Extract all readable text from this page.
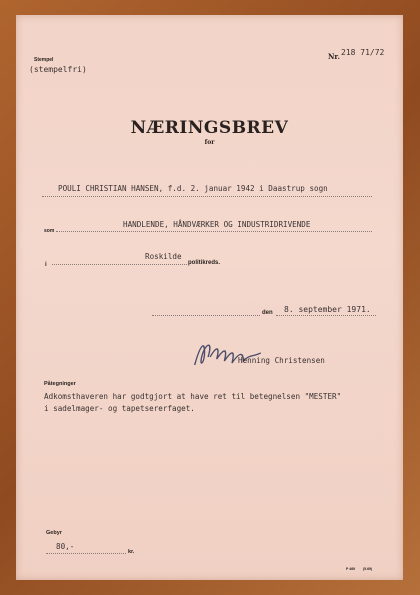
Stempel
(stempelfri)
Nr. 218 71/72
NÆRINGSBREV
for
POULI CHRISTIAN HANSEN, f.d. 2. januar 1942 i Daastrup sogn
som
HANDLENDE, HÅNDVÆRKER OG INDUSTRIDRIVENDE
i
Roskilde
politikreds.
den 8. september 1971.
Henning Christensen
Påtegninger
Adkomsthaveren har godtgjort at have ret til betegnelsen "MESTER"
i sadelmager- og tapetsererfaget.
Gebyr
80,-
kr.
P 469 (5.69)
